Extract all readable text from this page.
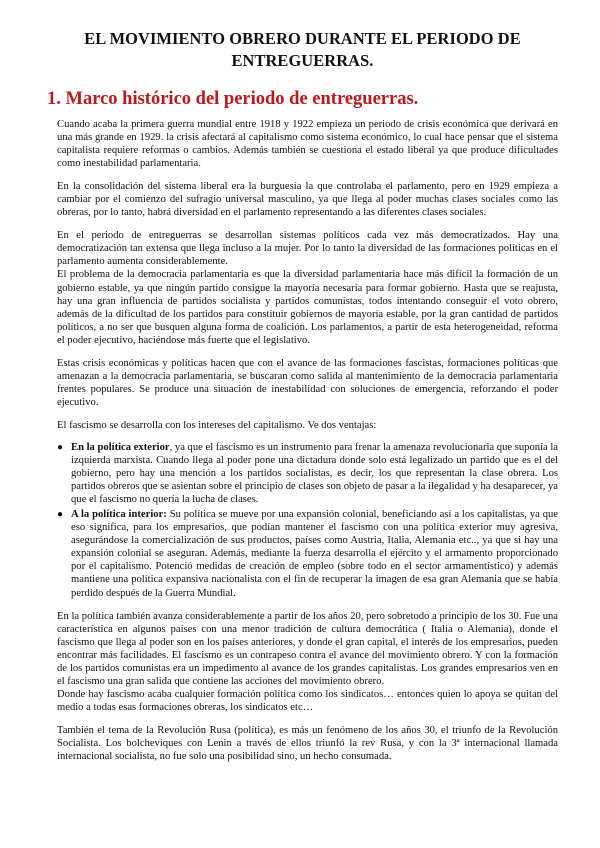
EL MOVIMIENTO OBRERO DURANTE EL PERIODO DE ENTREGUERRAS.
1. Marco histórico del periodo de entreguerras.

Cuando acaba la primera guerra mundial entre 1918 y 1922 empieza un periodo de crisis económica que derivará en una más grande en 1929. la crisis afectará al capitalismo como sistema económico, lo cual hace pensar que el sistema capitalista requiere reformas o cambios. Además también se cuestiona el estado liberal ya que produce dificultades como inestabilidad parlamentaria.

En la consolidación del sistema liberal era la burguesía la que controlaba el parlamento, pero en 1929 empieza a cambiar por el comienzo del sufragio universal masculino, ya que llega al poder muchas clases sociales como las obreras, por lo tanto, habrá diversidad en el parlamento representando a las diferentes clases sociales.

En el periodo de entreguerras se desarrollan sistemas políticos cada vez más democratizados. Hay una democratización tan extensa que llega incluso a la mujer. Por lo tanto la diversidad de las formaciones políticas en el parlamento aumenta considerablemente.

El problema de la democracia parlamentaria es que la diversidad parlamentaria hace más difícil la formación de un gobierno estable, ya que ningún partido consigue la mayoría necesaria para formar gobierno. Hasta que se reajusta, hay una gran influencia de partidos socialista y partidos comunistas, todos intentando conseguir el voto obrero, además de la dificultad de los partidos para constituir gobiernos de mayoría estable, por la gran cantidad de partidos políticos, a no ser que busquen alguna forma de coalición. Los parlamentos, a partir de esta heterogeneidad, reforma el poder ejecutivo, haciéndose más fuerte que el legislativo.

Estas crisis económicas y políticas hacen que con el avance de las formaciones fascistas, formaciones políticas que amenazan a la democracia parlamentaria, se buscaran como salida al mantenimiento de la democracia parlamentaria frentes populares. Se produce una situación de inestabilidad con soluciones de emergencia, reforzando el poder ejecutivo.

El fascismo se desarrolla con los intereses del capitalismo. Ve dos ventajas:

● En la política exterior, ya que el fascismo es un instrumento para frenar la amenaza revolucionaria que suponía la izquierda marxista. Cuando llega al poder pone una dictadura donde solo está legalizado un partido que es el del gobierno, pero hay una mención a los partidos socialistas, es decir, los que representan la clase obrera. Los partidos obreros que se asientan sobre el principio de clases son objeto de pasar a la ilegalidad y ha desaparecer, ya que el fascismo no quería la lucha de clases.
● A la política interior: Su política se mueve por una expansión colonial, beneficiando así a los capitalistas, ya que eso significa, para los empresarios, que podían mantener el fascismo con una política exterior muy agresiva, asegurándose la comercialización de sus productos, países como Austria, Italia, Alemania etc.., ya que si hay una expansión colonial se aseguran. Además, mediante la fuerza desarrolla el ejército y el armamento proporcionado por el capitalismo. Potenció medidas de creación de empleo (sobre todo en el sector armamentístico) y además mantiene una política expansiva nacionalista con el fin de recuperar la imagen de esa gran Alemania que se había perdido después de la Guerra Mundial.

En la política también avanza considerablemente a partir de los años 20, pero sobretodo a principio de los 30. Fue una característica en algunos países con una menor tradición de cultura democrática ( Italia o Alemania), donde el fascismo que llega al poder son en los países anteriores, y donde el gran capital, el interés de los empresarios, pueden encontrar más facilidades. El fascismo es un contrapeso contra el avance del movimiento obrero. Y con la formación de los partidos comunistas era un impedimento al avance de los grandes capitalistas. Los grandes empresarios ven en el fascismo una gran salida que contiene las acciones del movimiento obrero.

Donde hay fascismo acaba cualquier formación política como los sindicatos… entonces quien lo apoya se quitan del medio a todas esas formaciones obreras, los sindicatos etc…

También el tema de la Revolución Rusa (política), es más un fenómeno de los años 30, el triunfo de la Revolución Socialista. Los bolcheviques con Lenin a través de ellos triunfó la rev Rusa, y con la 3ª internacional llamada internacional socialista, no fue solo una posibilidad sino, un hecho consumada.
